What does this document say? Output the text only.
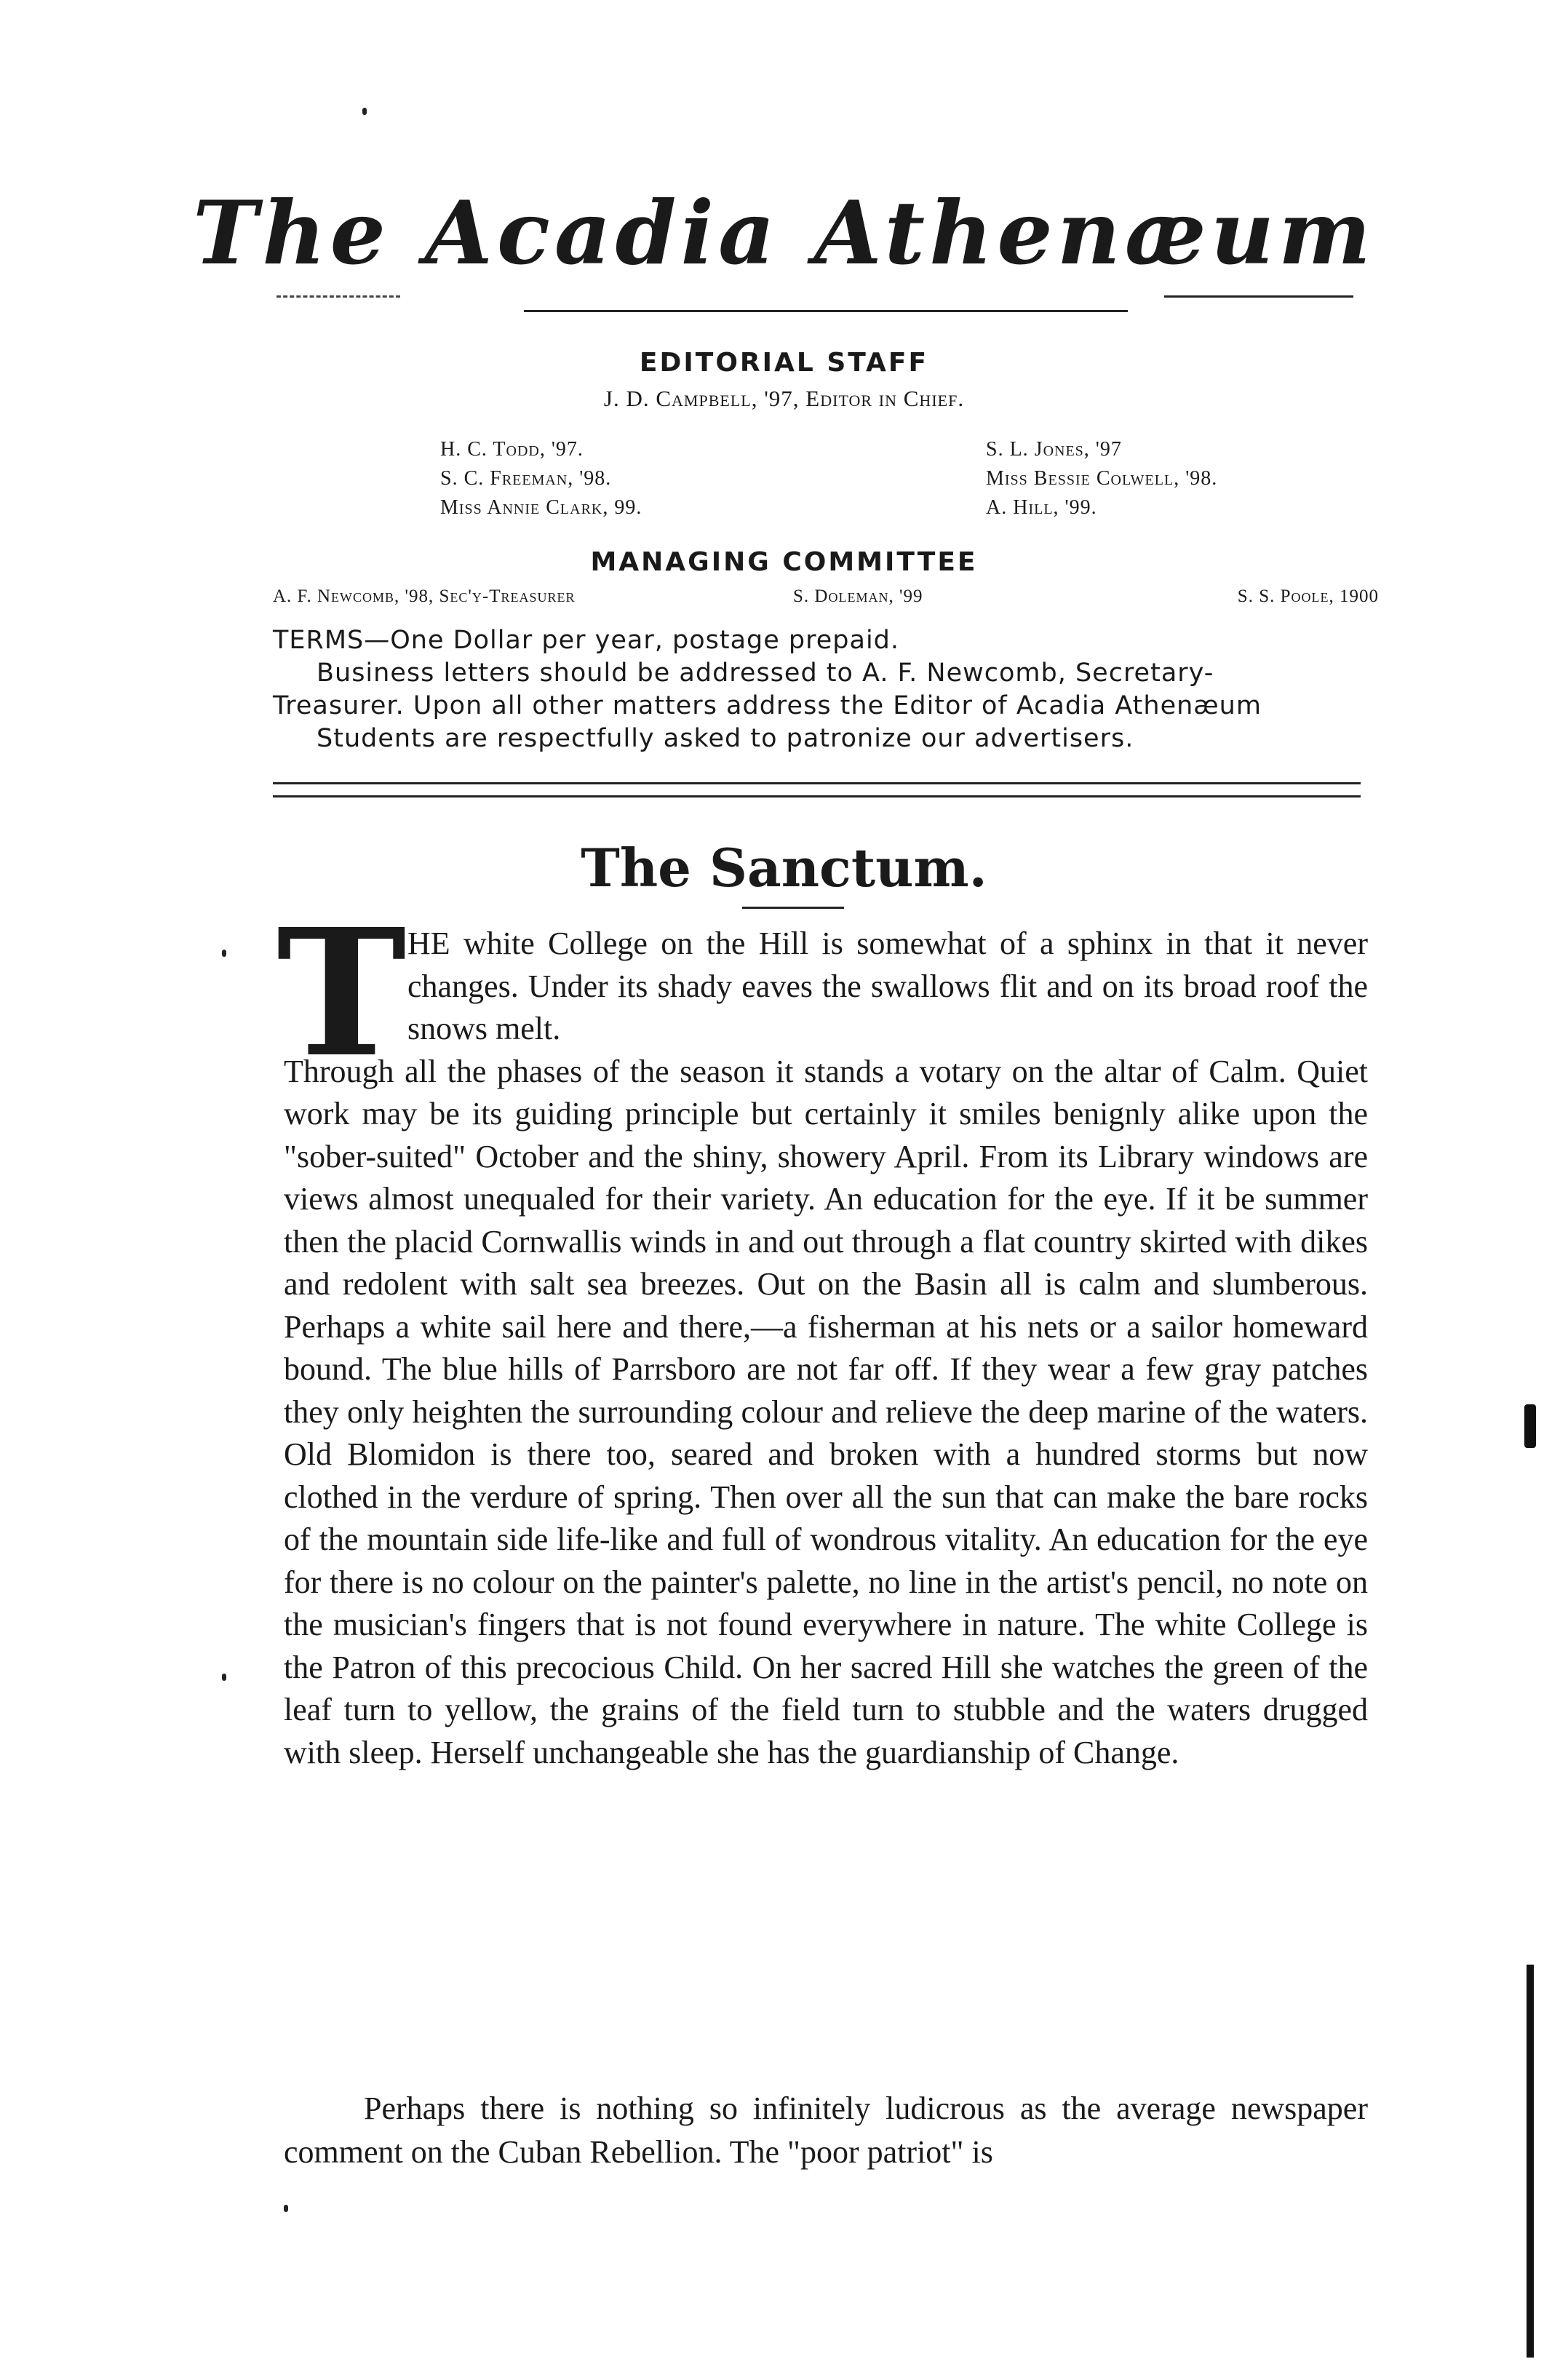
The Acadia Athenæum
EDITORIAL STAFF
J. D. Campbell, '97, Editor in Chief.
H. C. Todd, '97.
S. C. Freeman, '98.
Miss Annie Clark, 99.
S. L. Jones, '97
Miss Bessie Colwell, '98.
A. Hill, '99.
MANAGING COMMITTEE
A. F. Newcomb, '98, Sec'y-Treasurer	S. Doleman, '99	S. S. Poole, 1900
TERMS—One Dollar per year, postage prepaid.
Business letters should be addressed to A. F. Newcomb, Secretary-
Treasurer. Upon all other matters address the Editor of Acadia Athenæum
Students are respectfully asked to patronize our advertisers.
The Sanctum.
T HE white College on the Hill is somewhat of a sphinx in that it never changes. Under its shady eaves the swallows flit and on its broad roof the snows melt.
Through all the phases of the season it stands a votary on the altar of Calm. Quiet work may be its guiding principle but certainly it smiles benignly alike upon the "sober-suited" October and the shiny, showery April. From its Library windows are views almost unequaled for their variety. An education for the eye. If it be summer then the placid Cornwallis winds in and out through a flat country skirted with dikes and redolent with salt sea breezes. Out on the Basin all is calm and slumberous. Perhaps a white sail here and there,—a fisherman at his nets or a sailor homeward bound. The blue hills of Parrsboro are not far off. If they wear a few gray patches they only heighten the surrounding colour and relieve the deep marine of the waters. Old Blomidon is there too, seared and broken with a hundred storms but now clothed in the verdure of spring. Then over all the sun that can make the bare rocks of the mountain side life-like and full of wondrous vitality. An education for the eye for there is no colour on the painter's palette, no line in the artist's pencil, no note on the musician's fingers that is not found everywhere in nature. The white College is the Patron of this precocious Child. On her sacred Hill she watches the green of the leaf turn to yellow, the grains of the field turn to stubble and the waters drugged with sleep. Herself unchangeable she has the guardianship of Change.
Perhaps there is nothing so infinitely ludicrous as the average newspaper comment on the Cuban Rebellion. The "poor patriot" is
